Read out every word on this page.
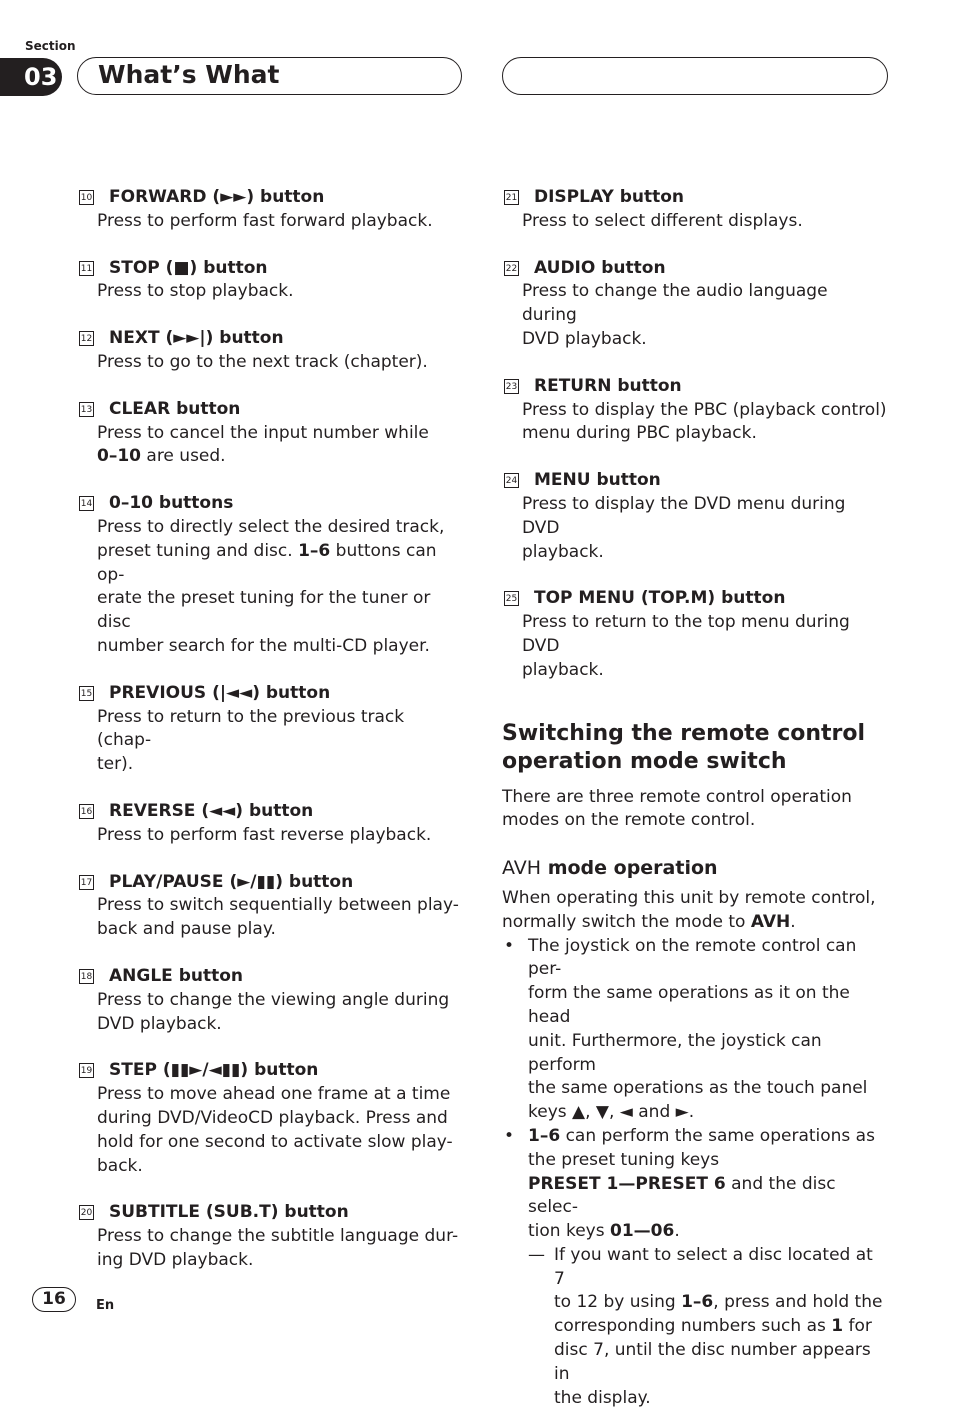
Section
03 What’s What
10 FORWARD (►►) button
Press to perform fast forward playback.
11 STOP (■) button
Press to stop playback.
12 NEXT (►►|) button
Press to go to the next track (chapter).
13 CLEAR button
Press to cancel the input number while
0–10 are used.
14 0–10 buttons
Press to directly select the desired track,
preset tuning and disc. 1–6 buttons can op-
erate the preset tuning for the tuner or disc
number search for the multi-CD player.
15 PREVIOUS (|◄◄) button
Press to return to the previous track (chap-
ter).
16 REVERSE (◄◄) button
Press to perform fast reverse playback.
17 PLAY/PAUSE (►/▮▮) button
Press to switch sequentially between play-
back and pause play.
18 ANGLE button
Press to change the viewing angle during
DVD playback.
19 STEP (▮▮►/◄▮▮) button
Press to move ahead one frame at a time
during DVD/VideoCD playback. Press and
hold for one second to activate slow play-
back.
20 SUBTITLE (SUB.T) button
Press to change the subtitle language dur-
ing DVD playback.
21 DISPLAY button
Press to select different displays.
22 AUDIO button
Press to change the audio language during
DVD playback.
23 RETURN button
Press to display the PBC (playback control)
menu during PBC playback.
24 MENU button
Press to display the DVD menu during DVD
playback.
25 TOP MENU (TOP.M) button
Press to return to the top menu during DVD
playback.
Switching the remote control
operation mode switch
There are three remote control operation
modes on the remote control.
AVH mode operation
When operating this unit by remote control,
normally switch the mode to AVH.
• The joystick on the remote control can per-
form the same operations as it on the head
unit. Furthermore, the joystick can perform
the same operations as the touch panel
keys ▲, ▼, ◄ and ►.
• 1–6 can perform the same operations as
the preset tuning keys
PRESET 1—PRESET 6 and the disc selec-
tion keys 01—06.
— If you want to select a disc located at 7
to 12 by using 1–6, press and hold the
corresponding numbers such as 1 for
disc 7, until the disc number appears in
the display.
16	En
